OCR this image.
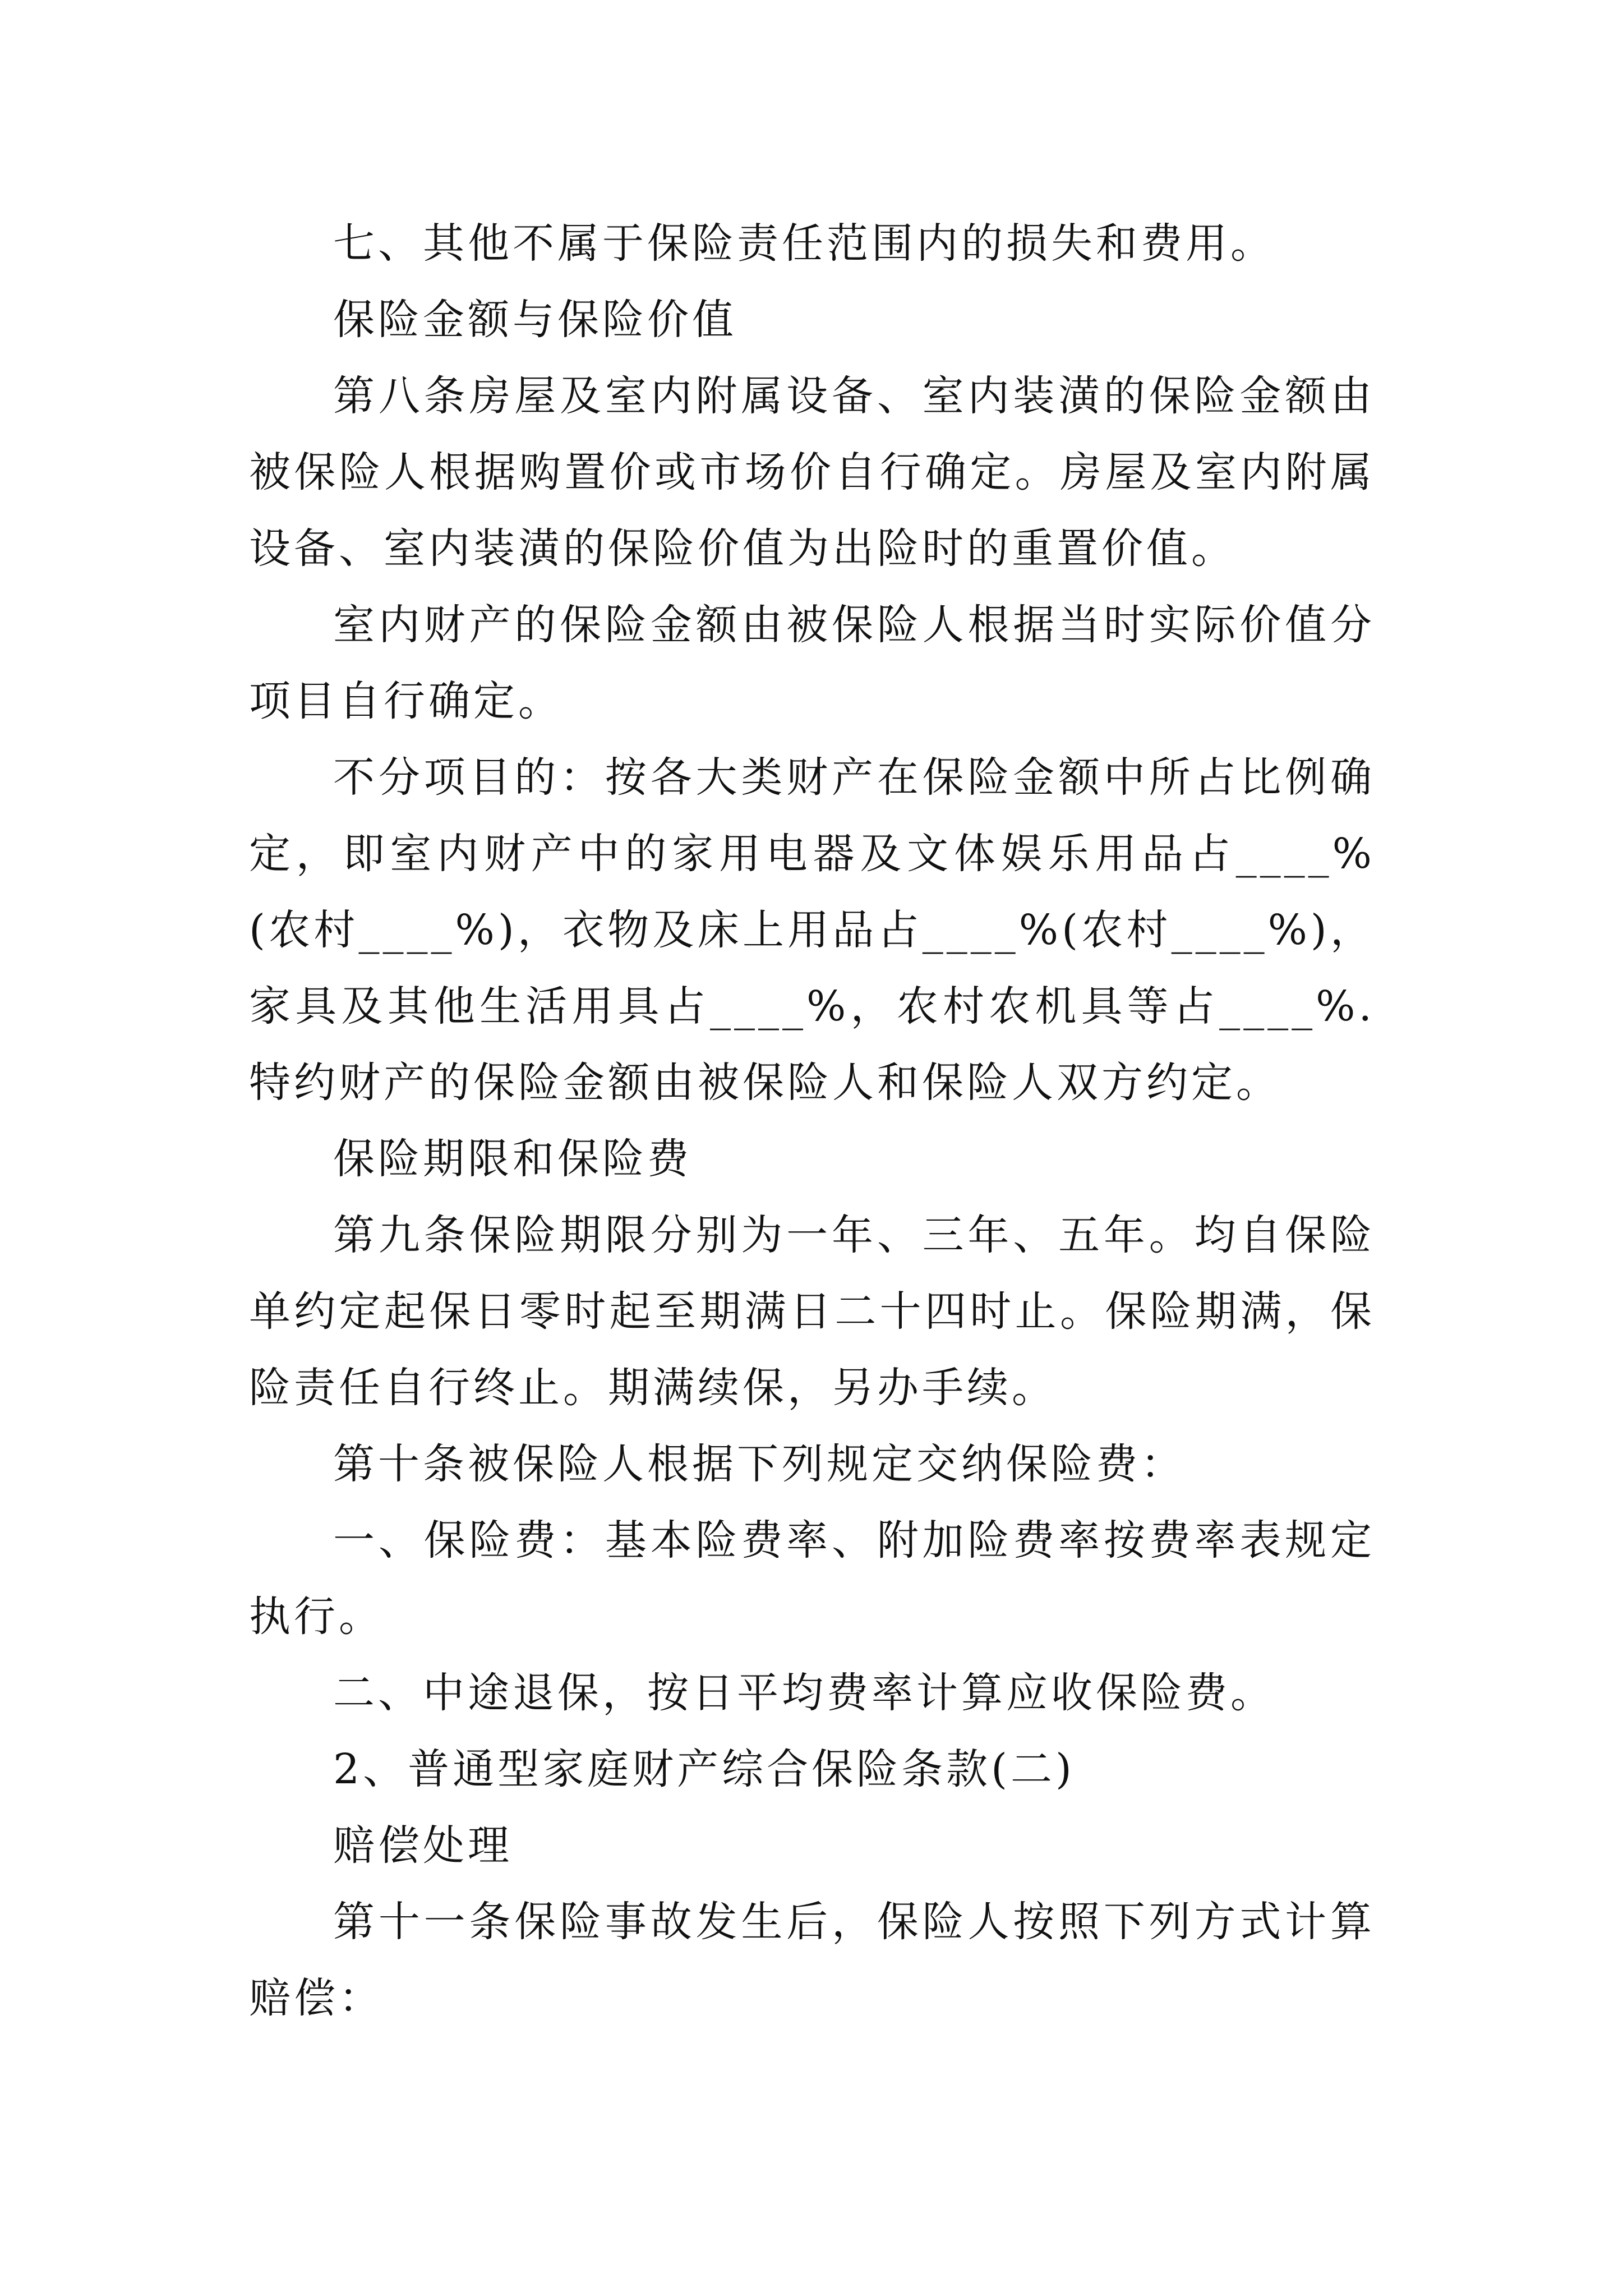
七、其他不属于保险责任范围内的损失和费用。

保险金额与保险价值

第八条房屋及室内附属设备、室内装潢的保险金额由被保险人根据购置价或市场价自行确定。房屋及室内附属设备、室内装潢的保险价值为出险时的重置价值。

室内财产的保险金额由被保险人根据当时实际价值分项目自行确定。

不分项目的：按各大类财产在保险金额中所占比例确定，即室内财产中的家用电器及文体娱乐用品占____%(农村____%)，衣物及床上用品占____%(农村____%)，家具及其他生活用具占____%，农村农机具等占____%.特约财产的保险金额由被保险人和保险人双方约定。

保险期限和保险费

第九条保险期限分别为一年、三年、五年。均自保险单约定起保日零时起至期满日二十四时止。保险期满，保险责任自行终止。期满续保，另办手续。

第十条被保险人根据下列规定交纳保险费：

一、保险费：基本险费率、附加险费率按费率表规定执行。

二、中途退保，按日平均费率计算应收保险费。

2、普通型家庭财产综合保险条款(二)

赔偿处理

第十一条保险事故发生后，保险人按照下列方式计算赔偿：
